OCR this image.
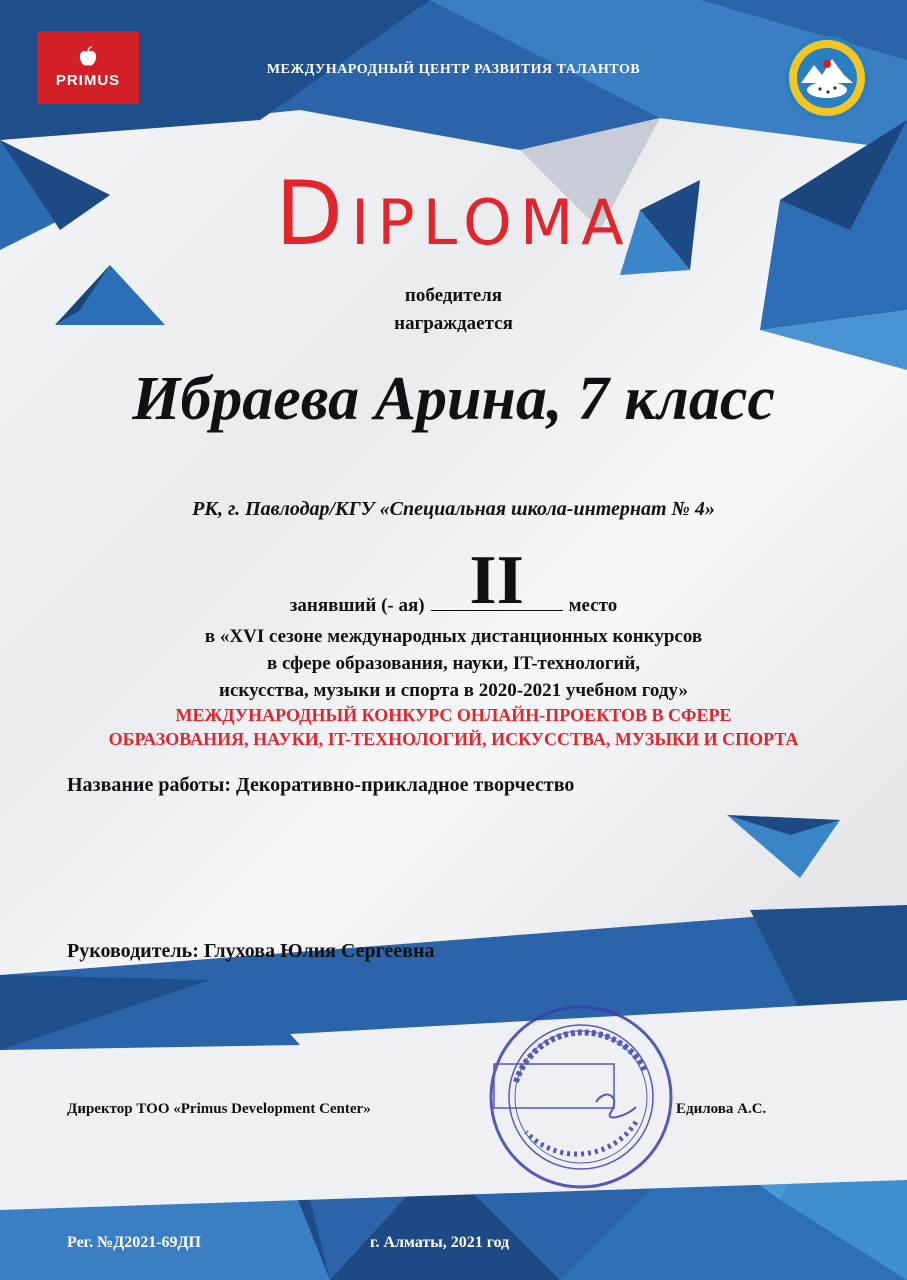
PRIMUS
МЕЖДУНАРОДНЫЙ ЦЕНТР РАЗВИТИЯ ТАЛАНТОВ
Diploma
победителя
награждается
Ибраева Арина, 7 класс
РК, г. Павлодар/КГУ «Специальная школа-интернат № 4»
занявший (- ая) II	место
в «XVI сезоне международных дистанционных конкурсов
в сфере образования, науки, IT-технологий,
искусства, музыки и спорта в 2020-2021 учебном году»
МЕЖДУНАРОДНЫЙ КОНКУРС ОНЛАЙН-ПРОЕКТОВ В СФЕРЕ
ОБРАЗОВАНИЯ, НАУКИ, IT-ТЕХНОЛОГИЙ, ИСКУССТВА, МУЗЫКИ И СПОРТА
Название работы: Декоративно-прикладное творчество
Руководитель: Глухова Юлия Сергеевна
Директор ТОО «Primus Development Center»	Едилова А.С.
Рег. №Д2021-69ДП	г. Алматы, 2021 год
